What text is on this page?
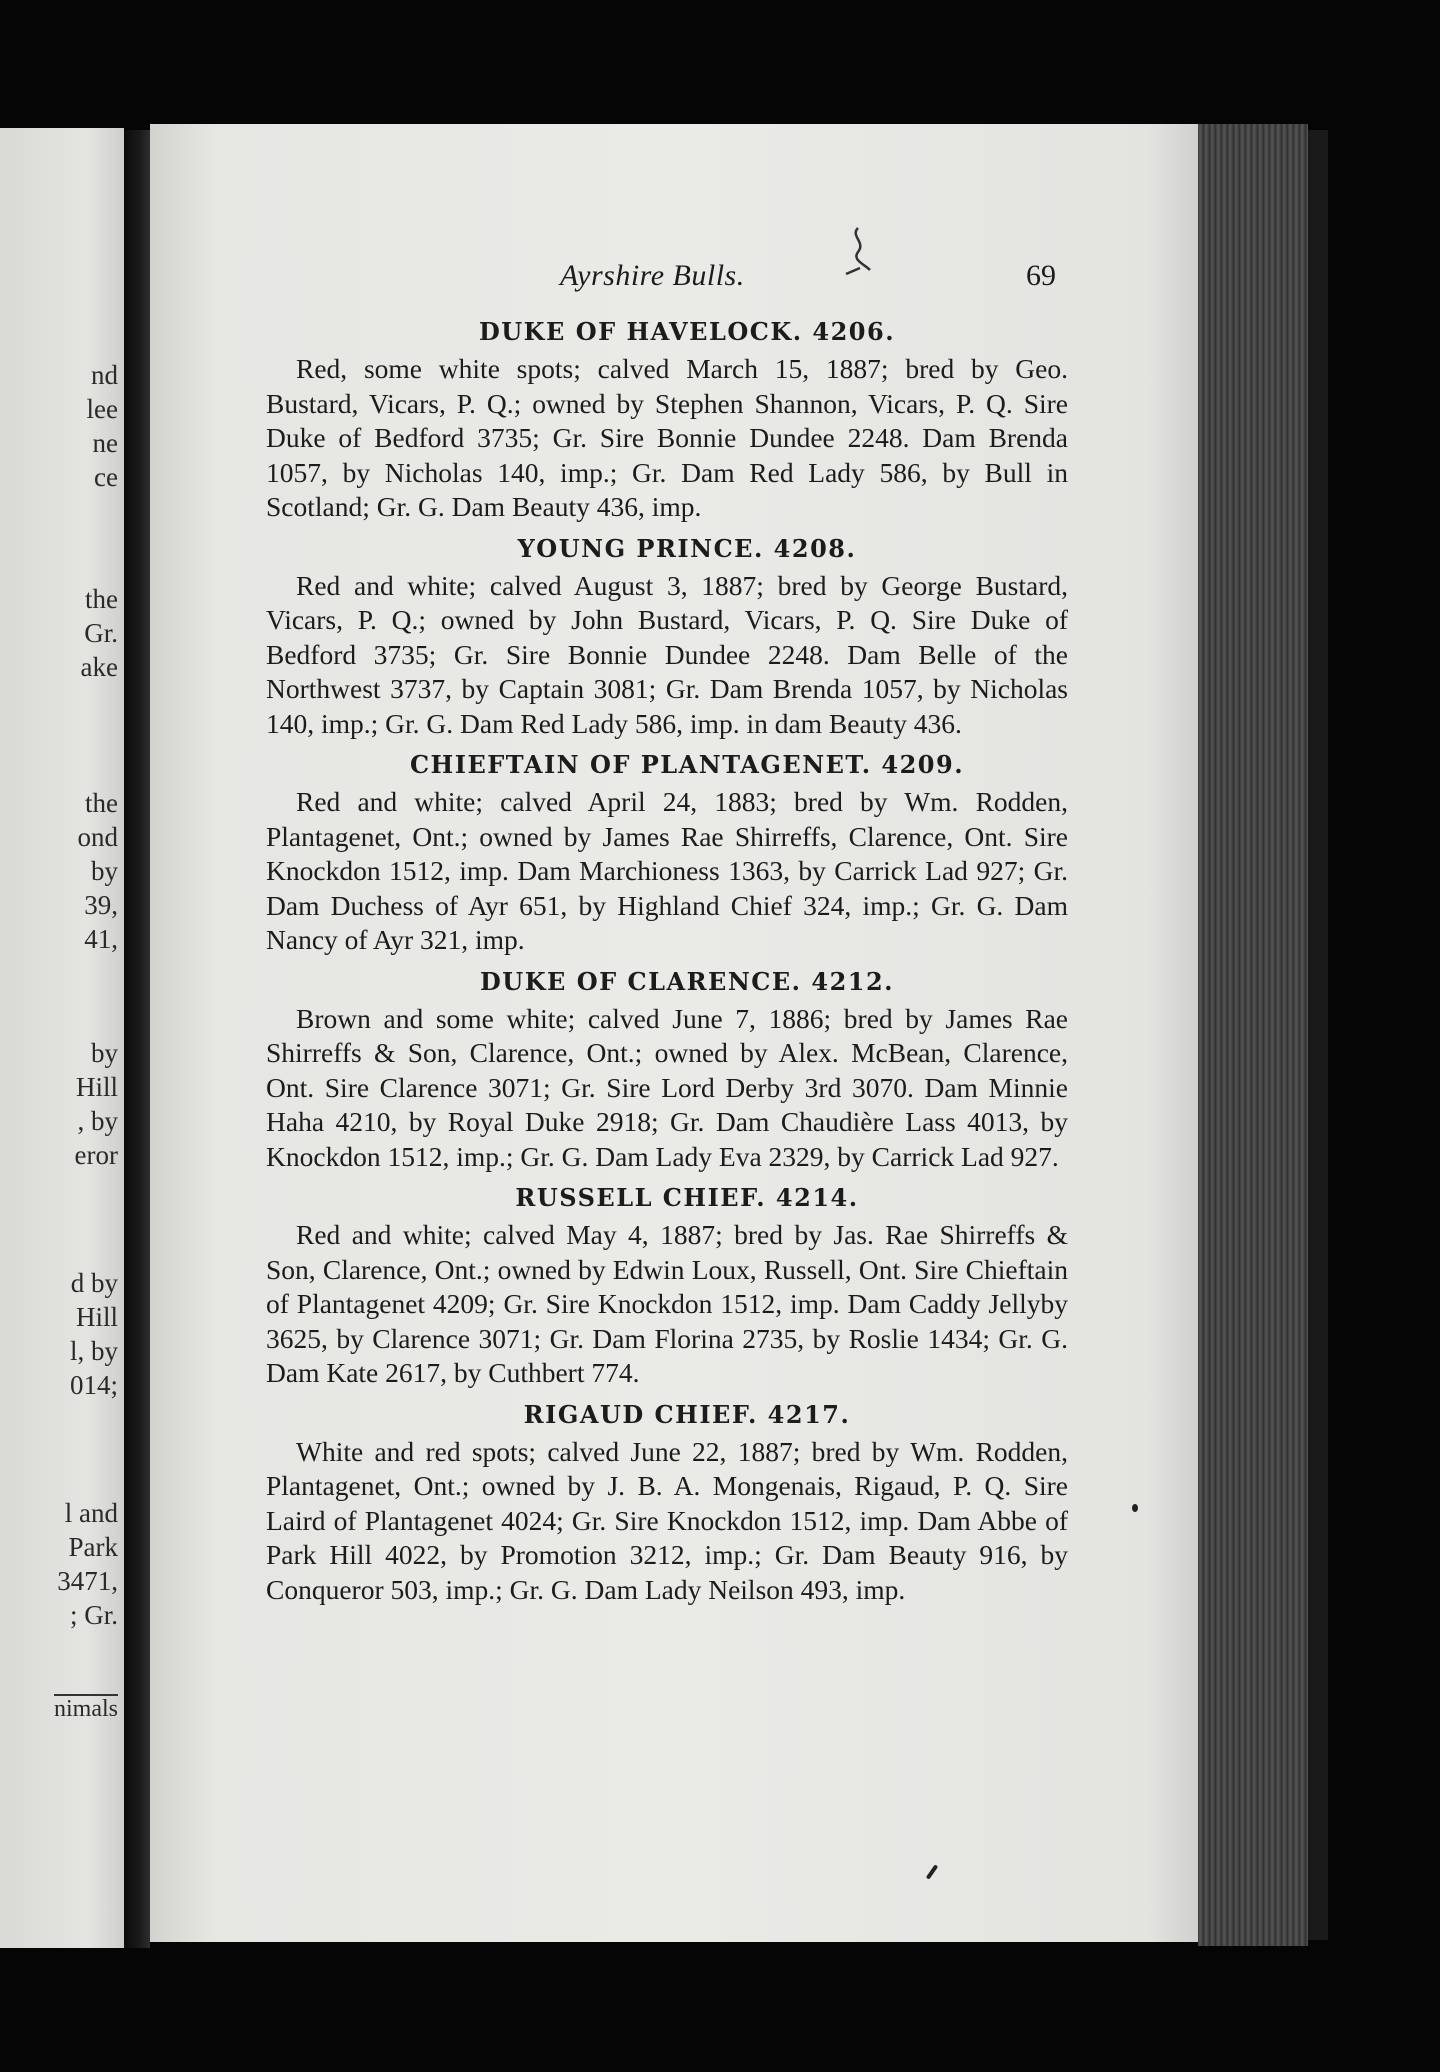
nd
lee
ne
ce
the
Gr.
ake
the
ond
by
39,
41,
by
Hill
, by
eror
d by
Hill
l, by
014;
l and
Park
3471,
; Gr.
nimals
Ayrshire Bulls.	69
DUKE OF HAVELOCK. 4206.

Red, some white spots; calved March 15, 1887; bred by Geo. Bustard, Vicars, P. Q.; owned by Stephen Shannon, Vicars, P. Q. Sire Duke of Bedford 3735; Gr. Sire Bonnie Dundee 2248. Dam Brenda 1057, by Nicholas 140, imp.; Gr. Dam Red Lady 586, by Bull in Scotland; Gr. G. Dam Beauty 436, imp.

YOUNG PRINCE. 4208.

Red and white; calved August 3, 1887; bred by George Bustard, Vicars, P. Q.; owned by John Bustard, Vicars, P. Q. Sire Duke of Bedford 3735; Gr. Sire Bonnie Dundee 2248. Dam Belle of the Northwest 3737, by Captain 3081; Gr. Dam Brenda 1057, by Nicholas 140, imp.; Gr. G. Dam Red Lady 586, imp. in dam Beauty 436.

CHIEFTAIN OF PLANTAGENET. 4209.

Red and white; calved April 24, 1883; bred by Wm. Rodden, Plantagenet, Ont.; owned by James Rae Shirreffs, Clarence, Ont. Sire Knockdon 1512, imp. Dam Marchioness 1363, by Carrick Lad 927; Gr. Dam Duchess of Ayr 651, by Highland Chief 324, imp.; Gr. G. Dam Nancy of Ayr 321, imp.

DUKE OF CLARENCE. 4212.

Brown and some white; calved June 7, 1886; bred by James Rae Shirreffs & Son, Clarence, Ont.; owned by Alex. McBean, Clarence, Ont. Sire Clarence 3071; Gr. Sire Lord Derby 3rd 3070. Dam Minnie Haha 4210, by Royal Duke 2918; Gr. Dam Chaudière Lass 4013, by Knockdon 1512, imp.; Gr. G. Dam Lady Eva 2329, by Carrick Lad 927.

RUSSELL CHIEF. 4214.

Red and white; calved May 4, 1887; bred by Jas. Rae Shirreffs & Son, Clarence, Ont.; owned by Edwin Loux, Russell, Ont. Sire Chieftain of Plantagenet 4209; Gr. Sire Knockdon 1512, imp. Dam Caddy Jellyby 3625, by Clarence 3071; Gr. Dam Florina 2735, by Roslie 1434; Gr. G. Dam Kate 2617, by Cuthbert 774.

RIGAUD CHIEF. 4217.

White and red spots; calved June 22, 1887; bred by Wm. Rodden, Plantagenet, Ont.; owned by J. B. A. Mongenais, Rigaud, P. Q. Sire Laird of Plantagenet 4024; Gr. Sire Knockdon 1512, imp. Dam Abbe of Park Hill 4022, by Promotion 3212, imp.; Gr. Dam Beauty 916, by Conqueror 503, imp.; Gr. G. Dam Lady Neilson 493, imp.
